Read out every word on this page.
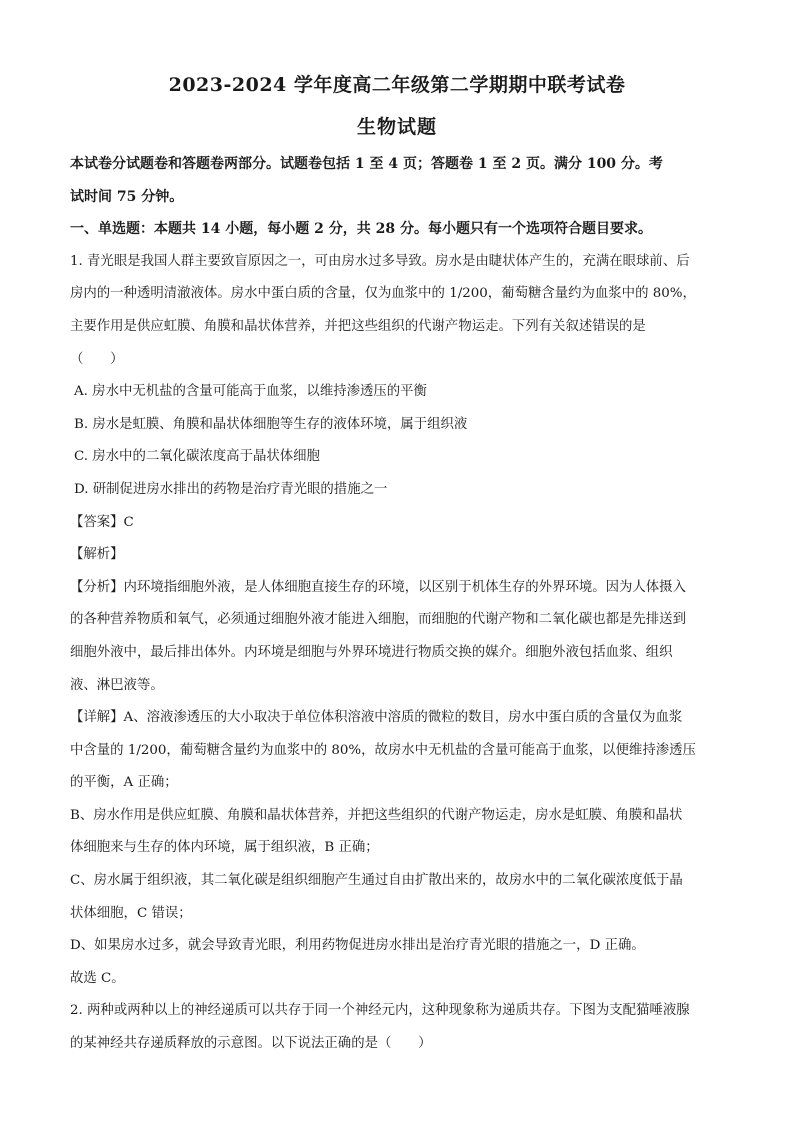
2023-2024 学年度高二年级第二学期期中联考试卷
生物试题

本试卷分试题卷和答题卷两部分。试题卷包括 1 至 4 页；答题卷 1 至 2 页。满分 100 分。考

试时间 75 分钟。

一、单选题：本题共 14 小题，每小题 2 分，共 28 分。每小题只有一个选项符合题目要求。

1. 青光眼是我国人群主要致盲原因之一，可由房水过多导致。房水是由睫状体产生的，充满在眼球前、后

房内的一种透明清澈液体。房水中蛋白质的含量，仅为血浆中的 1/200，葡萄糖含量约为血浆中的 80%，

主要作用是供应虹膜、角膜和晶状体营养，并把这些组织的代谢产物运走。下列有关叙述错误的是

（　　）

A. 房水中无机盐的含量可能高于血浆，以维持渗透压的平衡

B. 房水是虹膜、角膜和晶状体细胞等生存的液体环境，属于组织液

C. 房水中的二氧化碳浓度高于晶状体细胞

D. 研制促进房水排出的药物是治疗青光眼的措施之一

【答案】C

【解析】

【分析】内环境指细胞外液，是人体细胞直接生存的环境，以区别于机体生存的外界环境。因为人体摄入

的各种营养物质和氧气，必须通过细胞外液才能进入细胞，而细胞的代谢产物和二氧化碳也都是先排送到

细胞外液中，最后排出体外。内环境是细胞与外界环境进行物质交换的媒介。细胞外液包括血浆、组织

液、淋巴液等。

【详解】A、溶液渗透压的大小取决于单位体积溶液中溶质的微粒的数目，房水中蛋白质的含量仅为血浆

中含量的 1/200，葡萄糖含量约为血浆中的 80%，故房水中无机盐的含量可能高于血浆，以便维持渗透压

的平衡，A 正确；

B、房水作用是供应虹膜、角膜和晶状体营养，并把这些组织的代谢产物运走，房水是虹膜、角膜和晶状

体细胞来与生存的体内环境，属于组织液，B 正确；

C、房水属于组织液，其二氧化碳是组织细胞产生通过自由扩散出来的，故房水中的二氧化碳浓度低于晶

状体细胞，C 错误；

D、如果房水过多，就会导致青光眼，利用药物促进房水排出是治疗青光眼的措施之一，D 正确。

故选 C。

2. 两种或两种以上的神经递质可以共存于同一个神经元内，这种现象称为递质共存。下图为支配猫唾液腺

的某神经共存递质释放的示意图。以下说法正确的是（　　）
